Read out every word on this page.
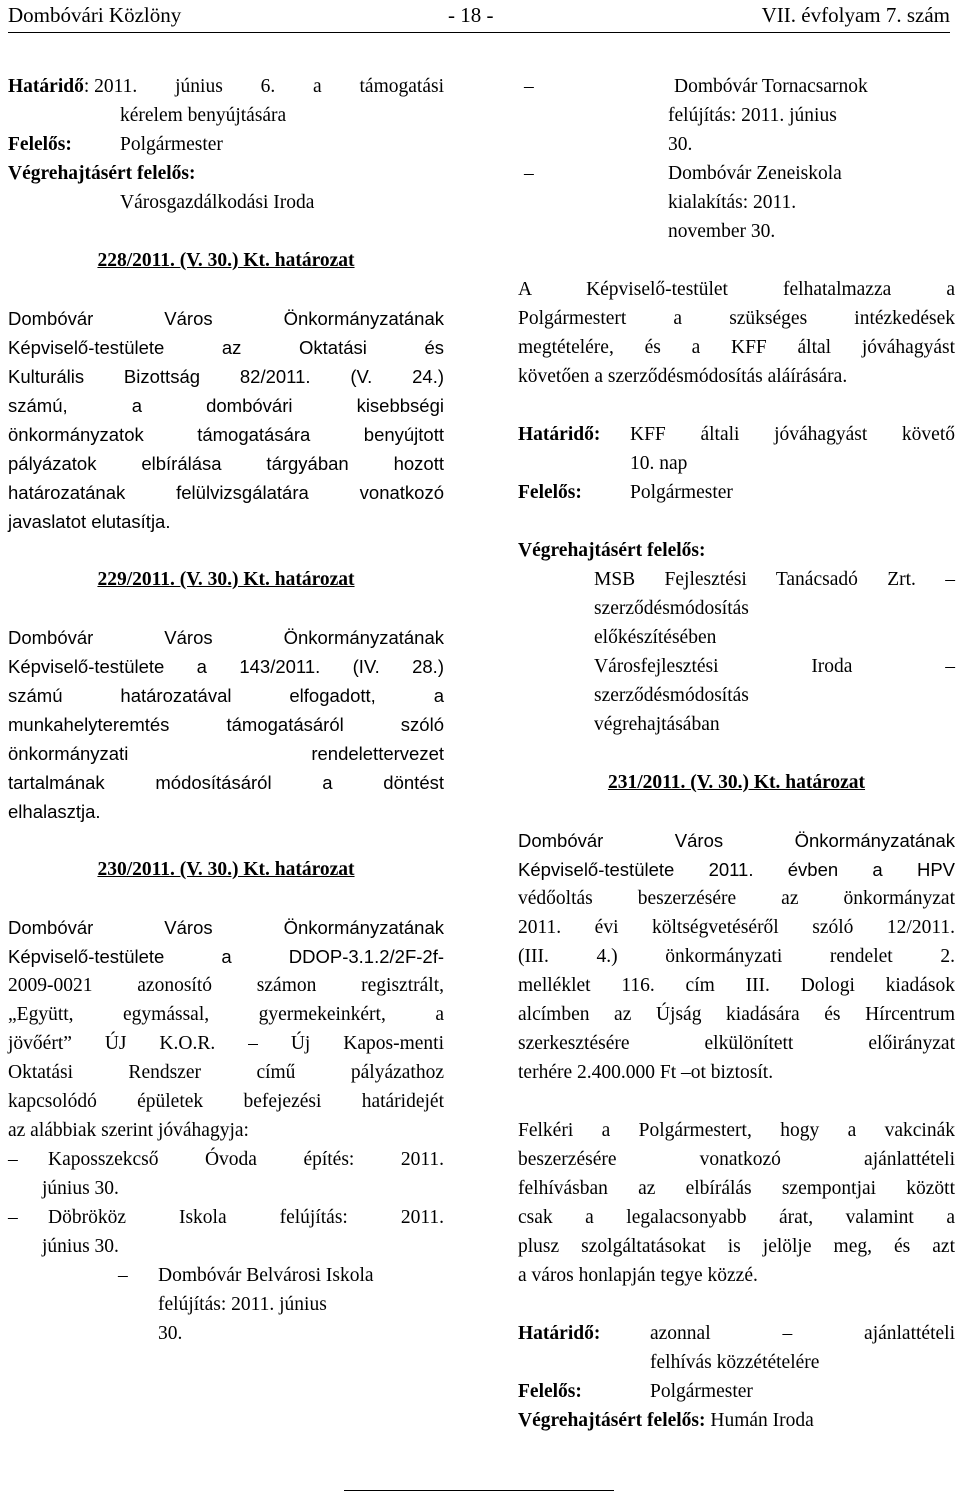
Dombóvári Közlöny	- 18 -	VII. évfolyam 7. szám
Határidő : 2011. június 6. a támogatási
kérelem benyújtására
Felelős:	Polgármester
Végrehajtásért felelős:
Városgazdálkodási Iroda
228/2011. (V. 30.) Kt. határozat
Dombóvár Város Önkormányzatának
Képviselő-testülete az Oktatási és
Kulturális Bizottság 82/2011. (V. 24.)
számú, a dombóvári kisebbségi
önkormányzatok támogatására benyújtott
pályázatok elbírálása tárgyában hozott
határozatának felülvizsgálatára vonatkozó
javaslatot elutasítja.
229/2011. (V. 30.) Kt. határozat
Dombóvár Város Önkormányzatának
Képviselő-testülete a 143/2011. (IV. 28.)
számú határozatával elfogadott, a
munkahelyteremtés támogatásáról szóló
önkormányzati rendelettervezet
tartalmának módosításáról a döntést
elhalasztja.
230/2011. (V. 30.) Kt. határozat
Dombóvár Város Önkormányzatának
Képviselő-testülete a DDOP-3.1.2/2F-2f-
2009-0021 azonosító számon regisztrált,
„Együtt, egymással, gyermekeinkért, a
jövőért” ÚJ K.O.R. – Új Kapos-menti
Oktatási Rendszer című pályázathoz
kapcsolódó épületek befejezési határidejét
az alábbiak szerint jóváhagyja:
–	Kaposszekcső Óvoda építés: 2011.
június 30.
–	Döbrököz Iskola felújítás: 2011.
június 30.
–	Dombóvár Belvárosi Iskola
felújítás: 2011. június
30.
–	Dombóvár Tornacsarnok
felújítás: 2011. június
30.
–	Dombóvár Zeneiskola
kialakítás: 2011.
november 30.
A Képviselő-testület felhatalmazza a
Polgármestert a szükséges intézkedések
megtételére, és a KFF által jóváhagyást
követően a szerződésmódosítás aláírására.
Határidő:	KFF általi jóváhagyást követő
10. nap
Felelős:	Polgármester
Végrehajtásért felelős:
MSB Fejlesztési Tanácsadó Zrt. –
szerződésmódosítás
előkészítésében
Városfejlesztési Iroda –
szerződésmódosítás
végrehajtásában
231/2011. (V. 30.) Kt. határozat
Dombóvár Város Önkormányzatának
Képviselő-testülete 2011. évben a HPV
védőoltás beszerzésére az önkormányzat
2011. évi költségvetéséről szóló 12/2011.
(III. 4.) önkormányzati rendelet 2.
melléklet 116. cím III. Dologi kiadások
alcímben az Újság kiadására és Hírcentrum
szerkesztésére elkülönített előirányzat
terhére 2.400.000 Ft –ot biztosít.
Felkéri a Polgármestert, hogy a vakcinák
beszerzésére vonatkozó ajánlattételi
felhívásban az elbírálás szempontjai között
csak a legalacsonyabb árat, valamint a
plusz szolgáltatásokat is jelölje meg, és azt
a város honlapján tegye közzé.
Határidő:	azonnal – ajánlattételi
felhívás közzétételére
Felelős:	Polgármester
Végrehajtásért felelős:
Humán Iroda
